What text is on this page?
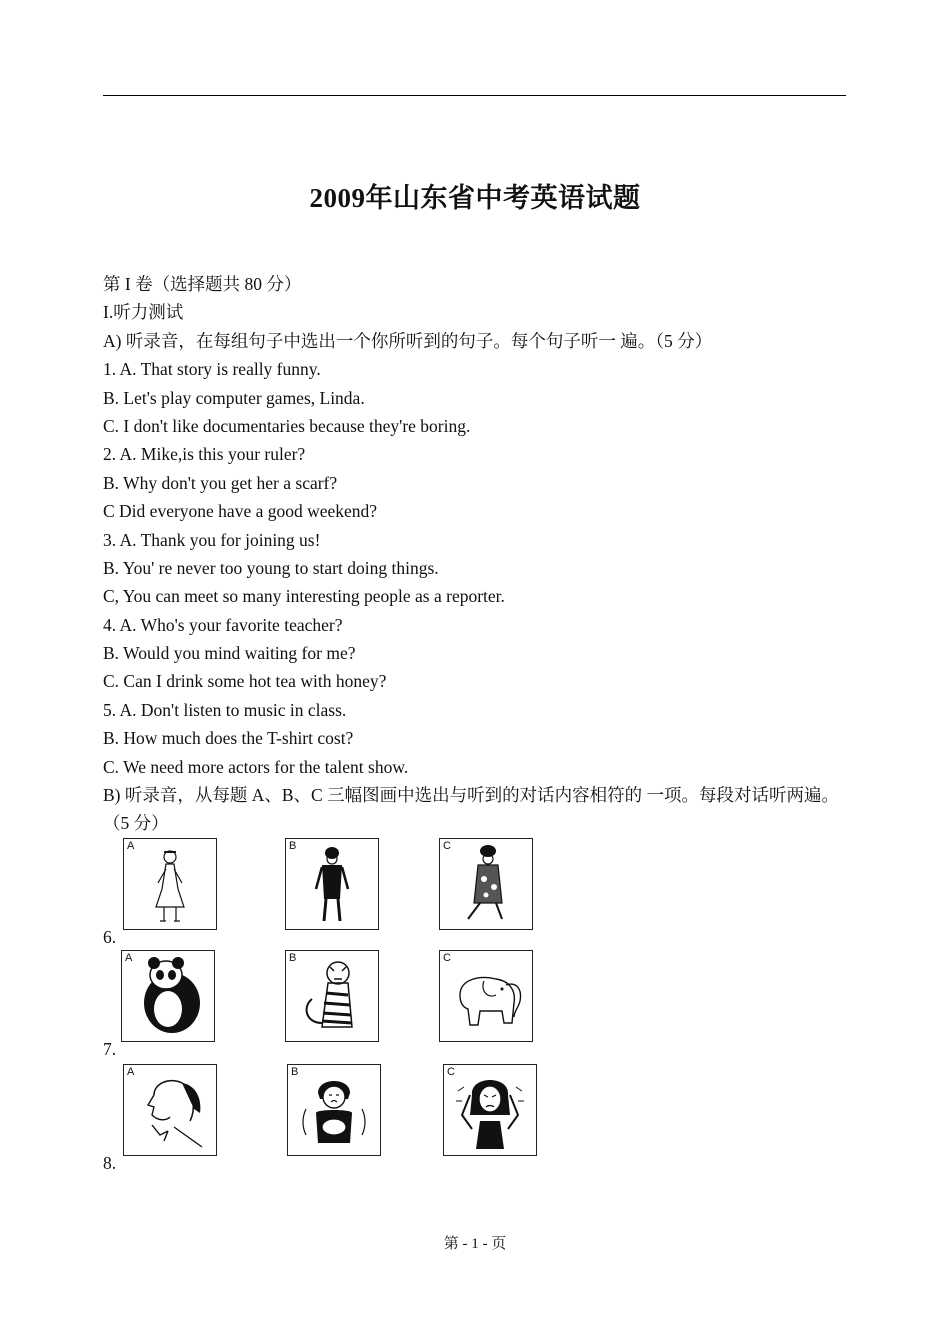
2009年山东省中考英语试题
第 I 卷（选择题共 80 分）
I.听力测试
A) 听录音，在每组句子中选出一个你所听到的句子。每个句子听一 遍。（5 分）
1. A. That story is really funny.
B. Let's play computer games, Linda.
C. I don't like documentaries because they're boring.
2. A. Mike,is this your ruler?
B. Why don't you get her a scarf?
C Did everyone have a good weekend?
3. A. Thank you for joining us!
B. You' re never too young to start doing things.
C, You can meet so many interesting people as a reporter.
4. A. Who's your favorite teacher?
B. Would you mind waiting for me?
C. Can I drink some hot tea with honey?
5. A. Don't listen to music in class.
B. How much does the T-shirt cost?
C. We need more actors for the talent show.
B) 听录音，从每题 A、B、C 三幅图画中选出与听到的对话内容相符的 一项。每段对话听两遍。（5 分）
6.
A	B	C
7.
A	B	C
8.
A	B	C
第 - 1 - 页
